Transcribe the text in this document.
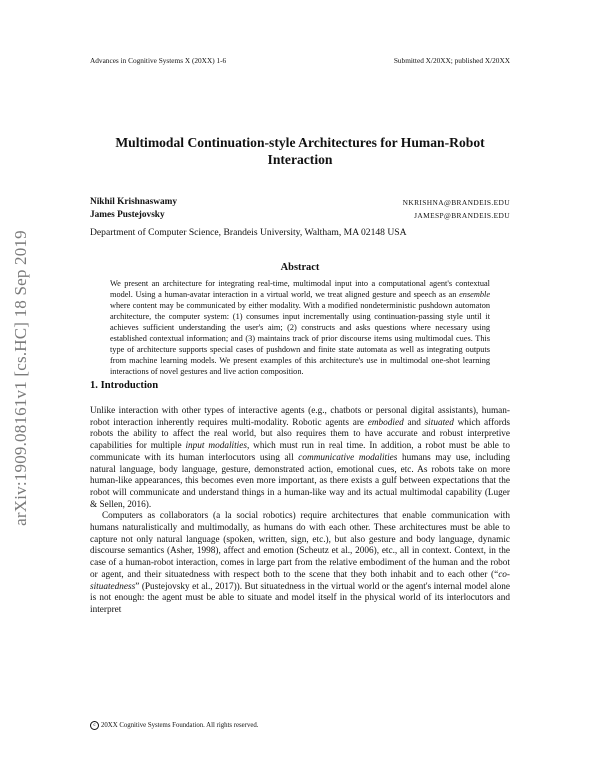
Advances in Cognitive Systems X (20XX) 1-6	Submitted X/20XX; published X/20XX
arXiv:1909.08161v1 [cs.HC] 18 Sep 2019
Multimodal Continuation-style Architectures for Human-Robot
Interaction
Nikhil Krishnaswamy	NKRISHNA@BRANDEIS.EDU
James Pustejovsky	JAMESP@BRANDEIS.EDU
Department of Computer Science, Brandeis University, Waltham, MA 02148 USA
Abstract
We present an architecture for integrating real-time, multimodal input into a computational agent's contextual model. Using a human-avatar interaction in a virtual world, we treat aligned gesture and speech as an ensemble where content may be communicated by either modality. With a modified nondeterministic pushdown automaton architecture, the computer system: (1) consumes input incrementally using continuation-passing style until it achieves sufficient understanding the user's aim; (2) constructs and asks questions where necessary using established contextual information; and (3) maintains track of prior discourse items using multimodal cues. This type of architecture supports special cases of pushdown and finite state automata as well as integrating outputs from machine learning models. We present examples of this architecture's use in multimodal one-shot learning interactions of novel gestures and live action composition.
1. Introduction

Unlike interaction with other types of interactive agents (e.g., chatbots or personal digital assistants), human-robot interaction inherently requires multi-modality. Robotic agents are embodied and situated which affords robots the ability to affect the real world, but also requires them to have accurate and robust interpretive capabilities for multiple input modalities, which must run in real time. In addition, a robot must be able to communicate with its human interlocutors using all communicative modalities humans may use, including natural language, body language, gesture, demonstrated action, emotional cues, etc. As robots take on more human-like appearances, this becomes even more important, as there exists a gulf between expectations that the robot will communicate and understand things in a human-like way and its actual multimodal capability (Luger & Sellen, 2016).

Computers as collaborators (a la social robotics) require architectures that enable communication with humans naturalistically and multimodally, as humans do with each other. These architectures must be able to capture not only natural language (spoken, written, sign, etc.), but also gesture and body language, dynamic discourse semantics (Asher, 1998), affect and emotion (Scheutz et al., 2006), etc., all in context. Context, in the case of a human-robot interaction, comes in large part from the relative embodiment of the human and the robot or agent, and their situatedness with respect both to the scene that they both inhabit and to each other (“co-situatedness” (Pustejovsky et al., 2017)). But situatedness in the virtual world or the agent's internal model alone is not enough: the agent must be able to situate and model itself in the physical world of its interlocutors and interpret

c 20XX Cognitive Systems Foundation. All rights reserved.
